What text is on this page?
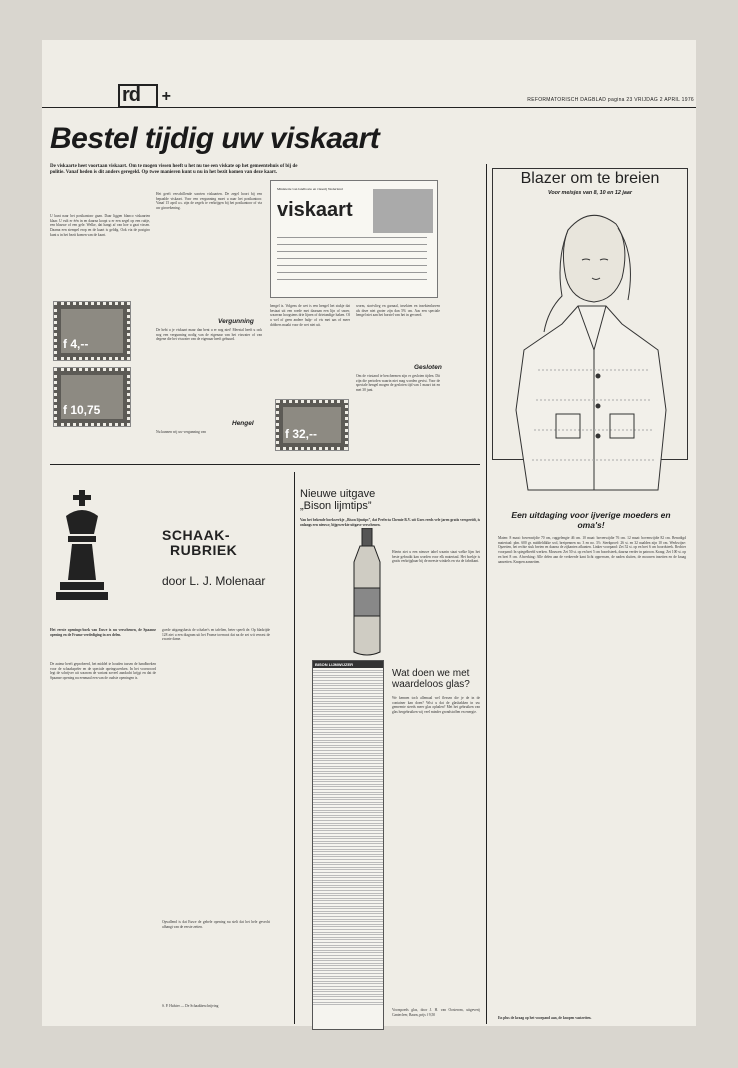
rd +	REFORMATORISCH DAGBLAD pagina 23 VRIJDAG 2 APRIL 1976
Bestel tijdig uw viskaart
De viskaarte heet voortaan viskaart. Om te mogen vissen heeft u het nu toe een viskate op het gemeentehuis of bij de politie. Vanaf heden is dit anders geregeld. Op twee manieren kunt u nu in het bezit komen van deze kaart.
U kunt naar het postkantoor gaan. Daar liggen blanco viskaarten klaar. U vult er één in en daarna koopt u er een zegel op een ruitje, een blauwe of een gele. Welke, dat hangt af van hoe u gaat vissen. Daarna een stempel erop en de kaart is geldig. Ook via de postgiro kunt u in het bezit komen van de kaart.
Het geeft verschillende soorten viskaarten. De zegel hoort bij een bepaalde viskaart. Voor een vergunning moet u naar het postkantoor. Vanaf 15 april a.s. zijn de zegels te verkrijgen bij het postkantoor of via uw girorekening.
f 4,--
f 10,75
Vergunning
De hebt u je viskaart maar dan bent u er nog niet! Meestal heeft u ook nog een vergunning nodig van de eigenaar van het viswater of van degene die het viswater van de eigenaar heeft gehuurd.
Hengel
Nu kunnen wij uw vergunning van
Ministerie van landbouw en visserij Nederland
viskaart
hengel is. Volgens de wet is een hengel het stukje dat bestaat uit een roede met daaraan een lijn of snoer, waarvan hoogstens drie lijnen of drietandige haken. Of u wel of geen andere hulp- of vis met aas of meer dobbers maakt voor de wet niet uit.
worm, stortvlieg en garnaal, insekten en insektenlarven als deze niet groter zijn dan 5% cm. Aas een speciale hengel niet aan het borstel van het in gevoerd.
f 32,--
Gesloten
Om de visstand te beschermen zijn er gesloten tijden. Dit zijn die perioden waarin niet mag worden gevist. Voor de speciale hengel mogen de gesloten tijd van 1 maart tot en met 30 juni.
Blazer om te breien
Voor meisjes van 8, 10 en 12 jaar
Een uitdaging voor ijverige moeders en oma's!
Maten: 8 maat: bovenwijdte 70 cm, ruggelengte 46 cm. 10 maat: bovenwijdte 76 cm. 12 maat: bovenwijdte 82 cm. Benodigd materiaal: plm. 600 gr. middeldikke wol, breipennen no. 3 en no. 3½. Steekproef: 26 st. en 32 naalden zijn 10 cm. Werkwijze: Opzetten, het rechte stuk breien en daarna de zijkanten afkanten. Linker voorpand: Zet 52 st. op en brei 6 cm boordsteek. Rechter voorpand: In spiegelbeeld werken. Mouwen: Zet 50 st. op en brei 5 cm boordsteek, daarna verder in patroon. Kraag: Zet 100 st. op en brei 8 cm. Afwerking: Alle delen aan de verkeerde kant licht opperssen, de naden sluiten, de mouwen inzetten en de kraag aanzetten. Knopen aanzetten.
En plus de kraag op het voorpand aan, de knopen vastzetten.
SCHAAK-
RUBRIEK
door L. J. Molenaar
Het eerste openings-boek van Euwe is nu verschenen, de Spaanse opening en de Franse verdediging in zes delen.
De auteur heeft geprobeerd, het middel te houden tussen de handboeken voor de schaakspeler en de speciale opeingswerken. In het voorwoord legt de schrijver uit waarom de variant zoveel aandacht krijgt en dat de Spaanse opening nu eenmaal een van de oudste openingen is.
goede uitgangsbasis de schaker's en tafelten, beter speelt de. Op bladzijde 128 ziet u een diagram uit het Franse toernooi dat na de zet wit verrast de zwarte dame.
Opvallend is dat Euwe de gehele opening nu stelt dat het hele gevecht afhangt van de eerste zetten.
S. P. Hulster — De Schaakbeschrijving
Nieuwe uitgave
„Bison lijmtips”
Van het bekende boekwerkje „Bison lijmtips”, dat Perfecta Chemie B.V. uit Goes reeds vele jaren gratis verspreidt, is onlangs een nieuwe, bijgewerkte uitgave verschenen.
Hierin ziet u een nieuwe tabel waarin staat welke lijm het beste gebruikt kan worden voor elk materiaal. Het boekje is gratis verkrijgbaar bij de meeste winkels en via de fabrikant.
BISON LIJMWIJZER
Wat doen we met
waardeloos glas?
We kennen toch allemaal wel flessen die je de in de container kan doen? Wist u dat de glasbakken in uw gemeente steeds meer glas ophalen? Met het gebruiken van glas hergebruiken wij veel minder grondstoffen en energie.
Voorspoeds glas, door J. H. van Oosterom, uitgeverij Cantecleer, Baarn, prijs f 9,50
